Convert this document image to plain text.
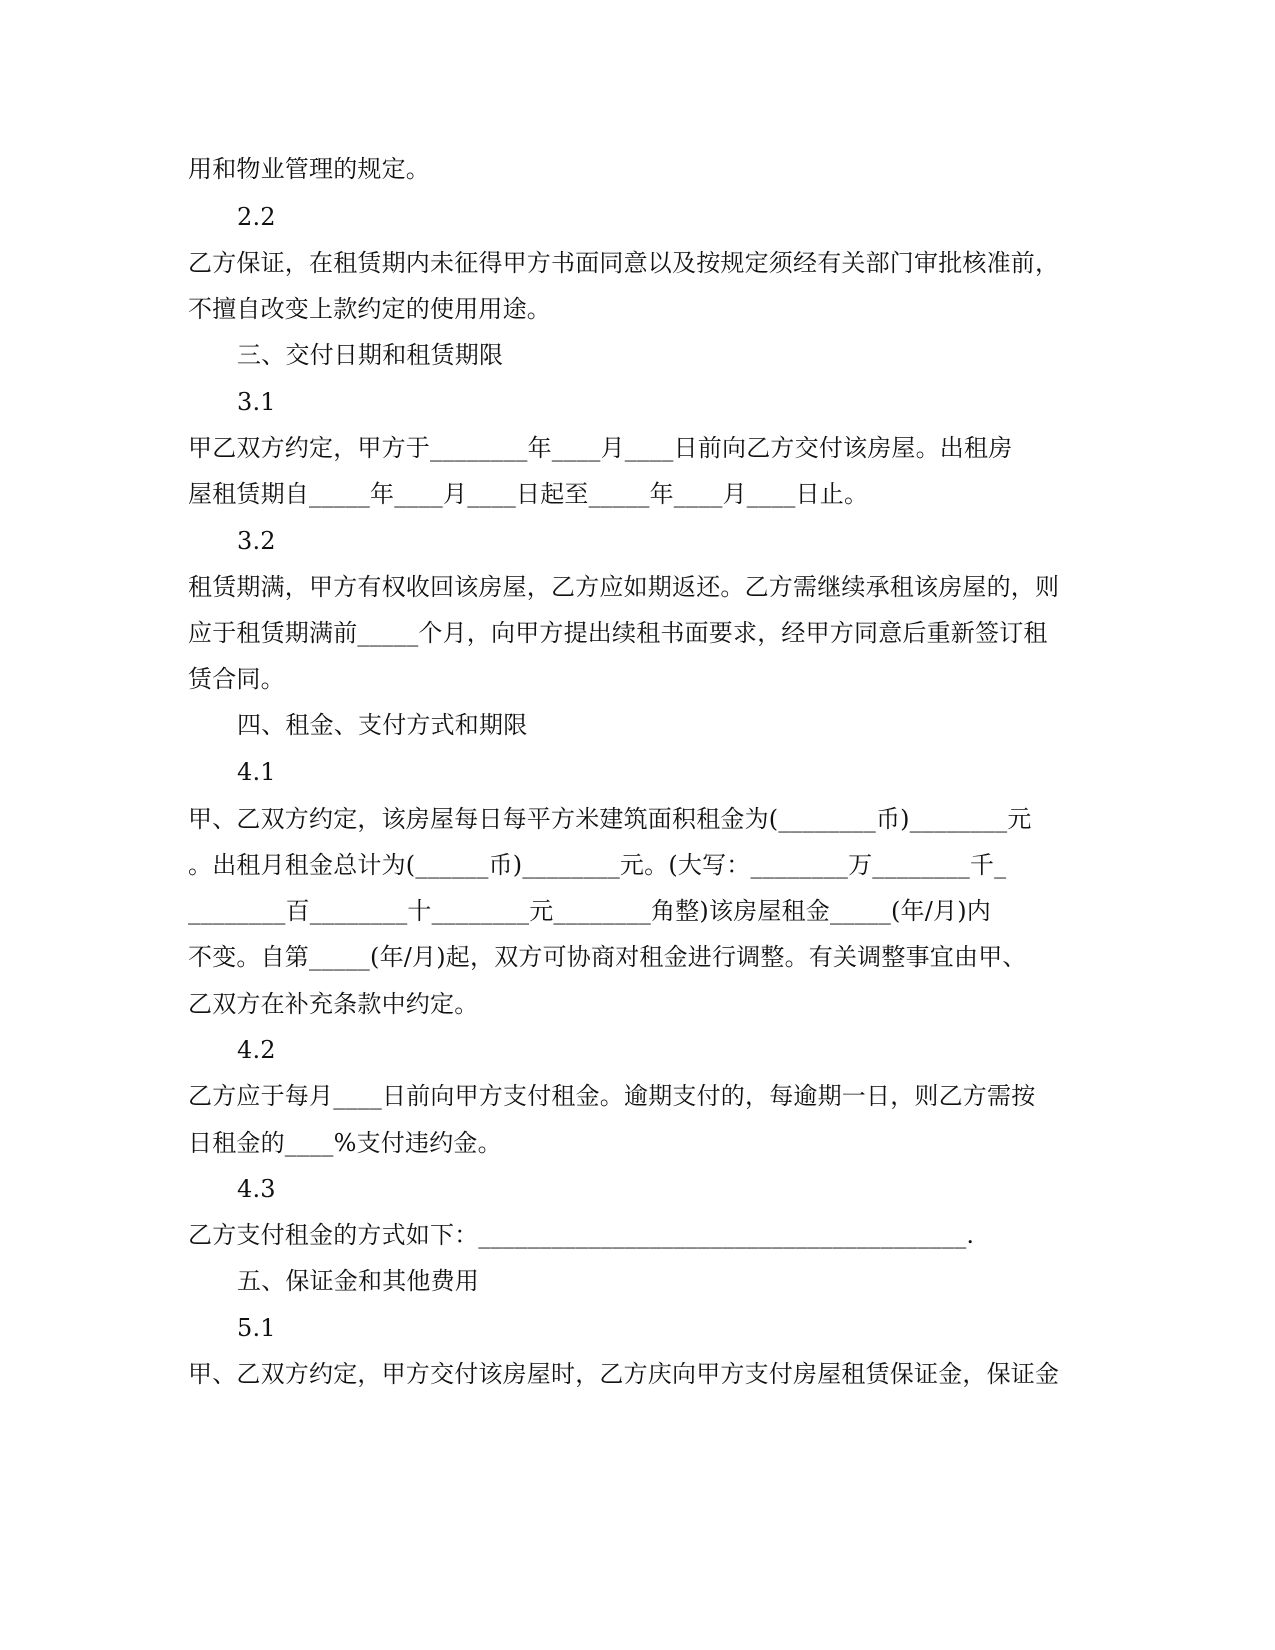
用和物业管理的规定。
2.2
乙方保证，在租赁期内未征得甲方书面同意以及按规定须经有关部门审批核准前，
不擅自改变上款约定的使用用途。
三、交付日期和租赁期限
3.1
甲乙双方约定，甲方于________年____月____日前向乙方交付该房屋。出租房
屋租赁期自_____年____月____日起至_____年____月____日止。
3.2
租赁期满，甲方有权收回该房屋，乙方应如期返还。乙方需继续承租该房屋的，则
应于租赁期满前_____个月，向甲方提出续租书面要求，经甲方同意后重新签订租
赁合同。
四、租金、支付方式和期限
4.1
甲、乙双方约定，该房屋每日每平方米建筑面积租金为(________币)________元
。出租月租金总计为(______币)________元。(大写：________万________千_
________百________十________元________角整)该房屋租金_____(年/月)内
不变。自第_____(年/月)起，双方可协商对租金进行调整。有关调整事宜由甲、
乙双方在补充条款中约定。
4.2
乙方应于每月____日前向甲方支付租金。逾期支付的，每逾期一日，则乙方需按
日租金的____%支付违约金。
4.3
乙方支付租金的方式如下：________________________________________.
五、保证金和其他费用
5.1
甲、乙双方约定，甲方交付该房屋时，乙方庆向甲方支付房屋租赁保证金，保证金
